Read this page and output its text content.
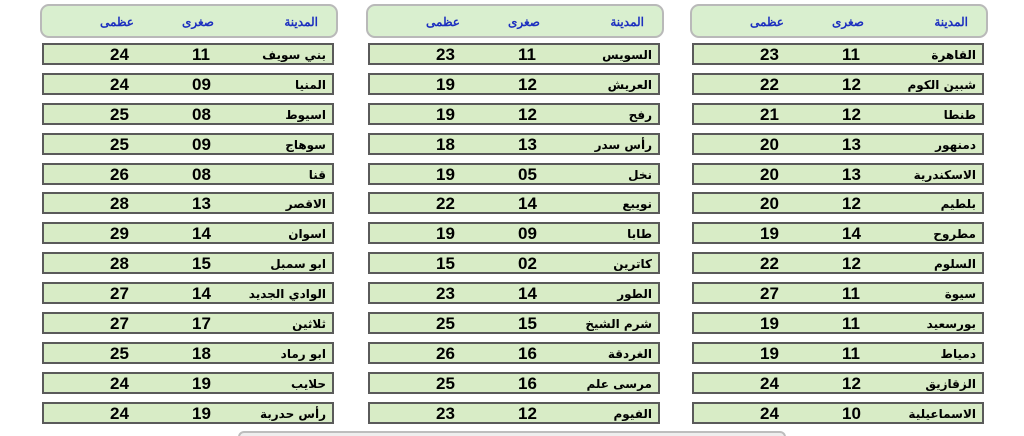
المدينة
صغرى
عظمى
القاهرة
11
23
شبين الكوم
12
22
طنطا
12
21
دمنهور
13
20
الاسكندرية
13
20
بلطيم
12
20
مطروح
14
19
السلوم
12
22
سيوة
11
27
بورسعيد
11
19
دمياط
11
19
الزقازيق
12
24
الاسماعيلية
10
24
المدينة
صغرى
عظمى
السويس
11
23
العريش
12
19
رفح
12
19
رأس سدر
13
18
نخل
05
19
نويبع
14
22
طابا
09
19
كاترين
02
15
الطور
14
23
شرم الشيخ
15
25
الغردقة
16
26
مرسى علم
16
25
الفيوم
12
23
المدينة
صغرى
عظمى
بني سويف
11
24
المنيا
09
24
اسيوط
08
25
سوهاج
09
25
قنا
08
26
الاقصر
13
28
اسوان
14
29
ابو سمبل
15
28
الوادي الجديد
14
27
ثلاثين
17
27
ابو رماد
18
25
حلايب
19
24
رأس حدربة
19
24
